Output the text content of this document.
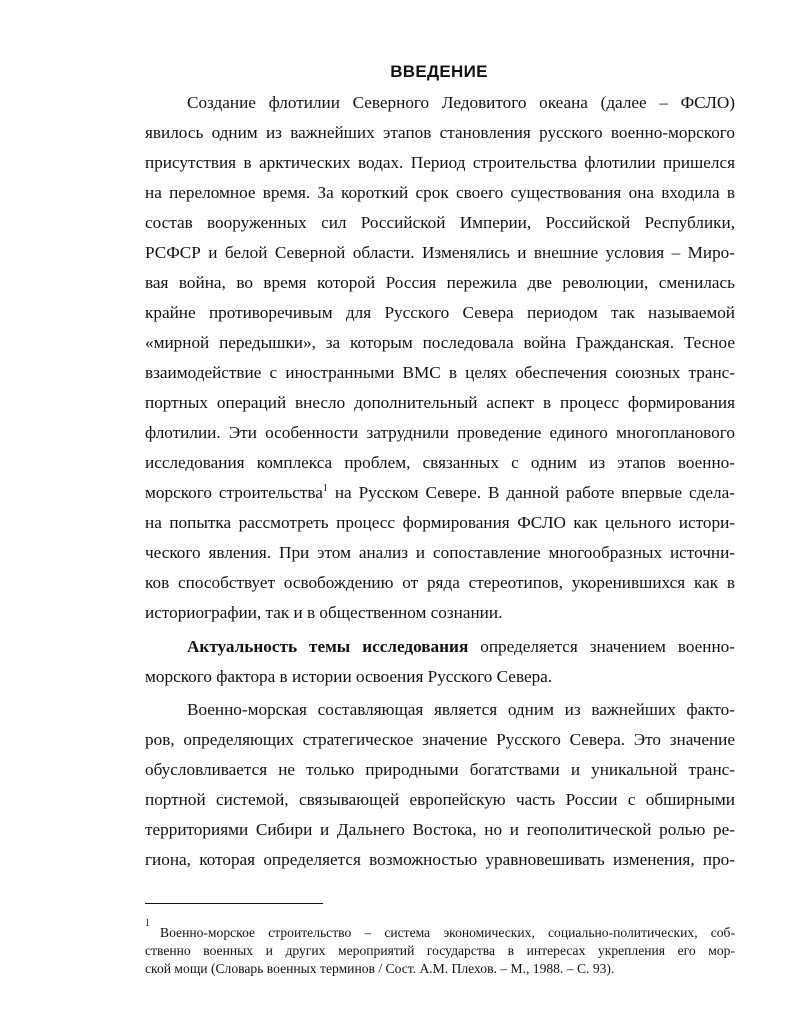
ВВЕДЕНИЕ
Создание флотилии Северного Ледовитого океана (далее – ФСЛО)
явилось одним из важнейших этапов становления русского военно-морского
присутствия в арктических водах. Период строительства флотилии пришелся
на переломное время. За короткий срок своего существования она входила в
состав вооруженных сил Российской Империи, Российской Республики,
РСФСР и белой Северной области. Изменялись и внешние условия – Миро-
вая война, во время которой Россия пережила две революции, сменилась
крайне противоречивым для Русского Севера периодом так называемой
«мирной передышки», за которым последовала война Гражданская. Тесное
взаимодействие с иностранными ВМС в целях обеспечения союзных транс-
портных операций внесло дополнительный аспект в процесс формирования
флотилии. Эти особенности затруднили проведение единого многопланового
исследования комплекса проблем, связанных с одним из этапов военно-
морского строительства$^1$ на Русском Севере. В данной работе впервые сдела-
на попытка рассмотреть процесс формирования ФСЛО как цельного истори-
ческого явления. При этом анализ и сопоставление многообразных источни-
ков способствует освобождению от ряда стереотипов, укоренившихся как в
историографии, так и в общественном сознании.
Актуальность темы исследования определяется значением военно-
морского фактора в истории освоения Русского Севера.
Военно-морская составляющая является одним из важнейших факто-
ров, определяющих стратегическое значение Русского Севера. Это значение
обусловливается не только природными богатствами и уникальной транс-
портной системой, связывающей европейскую часть России с обширными
территориями Сибири и Дальнего Востока, но и геополитической ролью ре-
гиона, которая определяется возможностью уравновешивать изменения, про-
1
Военно-морское строительство – система экономических, социально-политических, соб-
ственно военных и других мероприятий государства в интересах укрепления его мор-
ской мощи (Словарь военных терминов / Сост. А.М. Плехов. – М., 1988. – С. 93).
